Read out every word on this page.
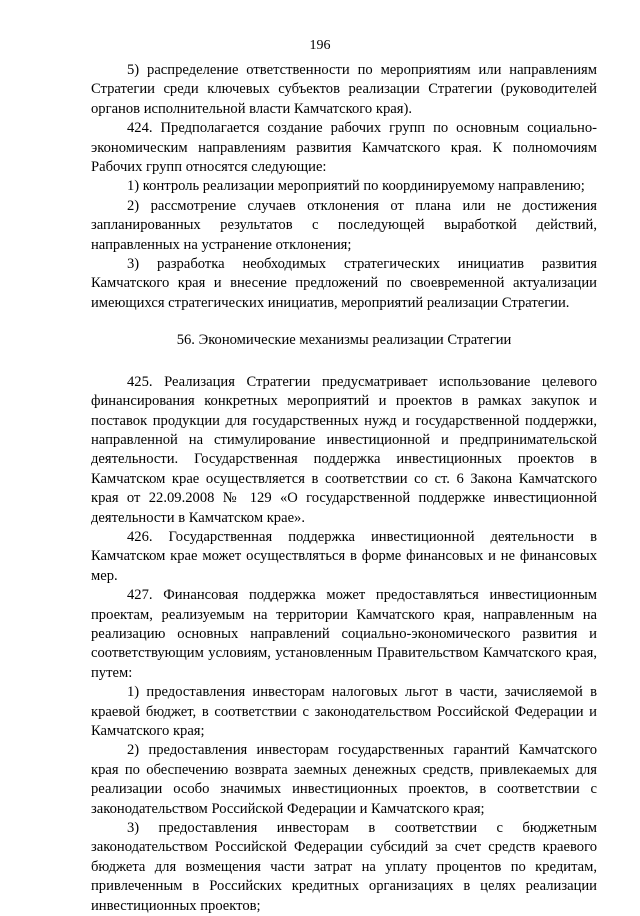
196

5) распределение ответственности по мероприятиям или направлениям Стратегии среди ключевых субъектов реализации Стратегии (руководителей органов исполнительной власти Камчатского края).

424. Предполагается создание рабочих групп по основным социально-экономическим направлениям развития Камчатского края. К полномочиям Рабочих групп относятся следующие:

1) контроль реализации мероприятий по координируемому направлению;

2) рассмотрение случаев отклонения от плана или не достижения запланированных результатов с последующей выработкой действий, направленных на устранение отклонения;

3) разработка необходимых стратегических инициатив развития Камчатского края и внесение предложений по своевременной актуализации имеющихся стратегических инициатив, мероприятий реализации Стратегии.

56. Экономические механизмы реализации Стратегии

425. Реализация Стратегии предусматривает использование целевого финансирования конкретных мероприятий и проектов в рамках закупок и поставок продукции для государственных нужд и государственной поддержки, направленной на стимулирование инвестиционной и предпринимательской деятельности. Государственная поддержка инвестиционных проектов в Камчатском крае осуществляется в соответствии со ст. 6 Закона Камчатского края от 22.09.2008 № 129 «О государственной поддержке инвестиционной деятельности в Камчатском крае».

426. Государственная поддержка инвестиционной деятельности в Камчатском крае может осуществляться в форме финансовых и не финансовых мер.

427. Финансовая поддержка может предоставляться инвестиционным проектам, реализуемым на территории Камчатского края, направленным на реализацию основных направлений социально-экономического развития и соответствующим условиям, установленным Правительством Камчатского края, путем:

1) предоставления инвесторам налоговых льгот в части, зачисляемой в краевой бюджет, в соответствии с законодательством Российской Федерации и Камчатского края;

2) предоставления инвесторам государственных гарантий Камчатского края по обеспечению возврата заемных денежных средств, привлекаемых для реализации особо значимых инвестиционных проектов, в соответствии с законодательством Российской Федерации и Камчатского края;

3) предоставления инвесторам в соответствии с бюджетным законодательством Российской Федерации субсидий за счет средств краевого бюджета для возмещения части затрат на уплату процентов по кредитам, привлеченным в Российских кредитных организациях в целях реализации инвестиционных проектов;
